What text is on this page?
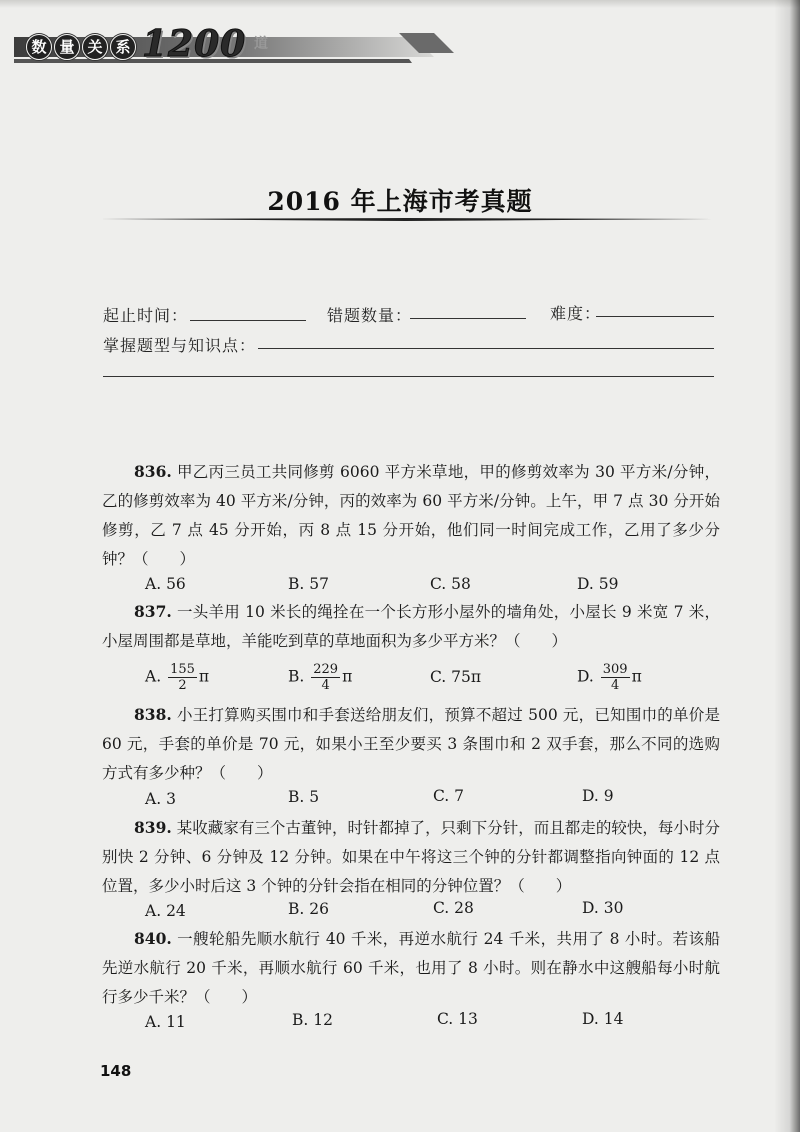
数 量 关 系 1200 道
2016 年上海市考真题
起止时间：	错题数量：	难度：
掌握题型与知识点：
836. 甲乙丙三员工共同修剪 6060 平方米草地，甲的修剪效率为 30 平方米/分钟，乙的修剪效率为 40 平方米/分钟，丙的效率为 60 平方米/分钟。上午，甲 7 点 30 分开始修剪，乙 7 点 45 分开始，丙 8 点 15 分开始，他们同一时间完成工作，乙用了多少分钟？（　　）
A. 56	B. 57	C. 58	D. 59
837. 一头羊用 10 米长的绳拴在一个长方形小屋外的墙角处，小屋长 9 米宽 7 米，小屋周围都是草地，羊能吃到草的草地面积为多少平方米？（　　）
A. $\frac{155}{2}$ π	B. $\frac{229}{4}$ π	C. 75π	D. $\frac{309}{4}$ π
838. 小王打算购买围巾和手套送给朋友们，预算不超过 500 元，已知围巾的单价是 60 元，手套的单价是 70 元，如果小王至少要买 3 条围巾和 2 双手套，那么不同的选购方式有多少种？（　　）
A. 3	B. 5	C. 7	D. 9
839. 某收藏家有三个古董钟，时针都掉了，只剩下分针，而且都走的较快，每小时分别快 2 分钟、6 分钟及 12 分钟。如果在中午将这三个钟的分针都调整指向钟面的 12 点位置，多少小时后这 3 个钟的分针会指在相同的分钟位置？（　　）
A. 24	B. 26	C. 28	D. 30
840. 一艘轮船先顺水航行 40 千米，再逆水航行 24 千米，共用了 8 小时。若该船先逆水航行 20 千米，再顺水航行 60 千米，也用了 8 小时。则在静水中这艘船每小时航行多少千米？（　　）
A. 11	B. 12	C. 13	D. 14
148
